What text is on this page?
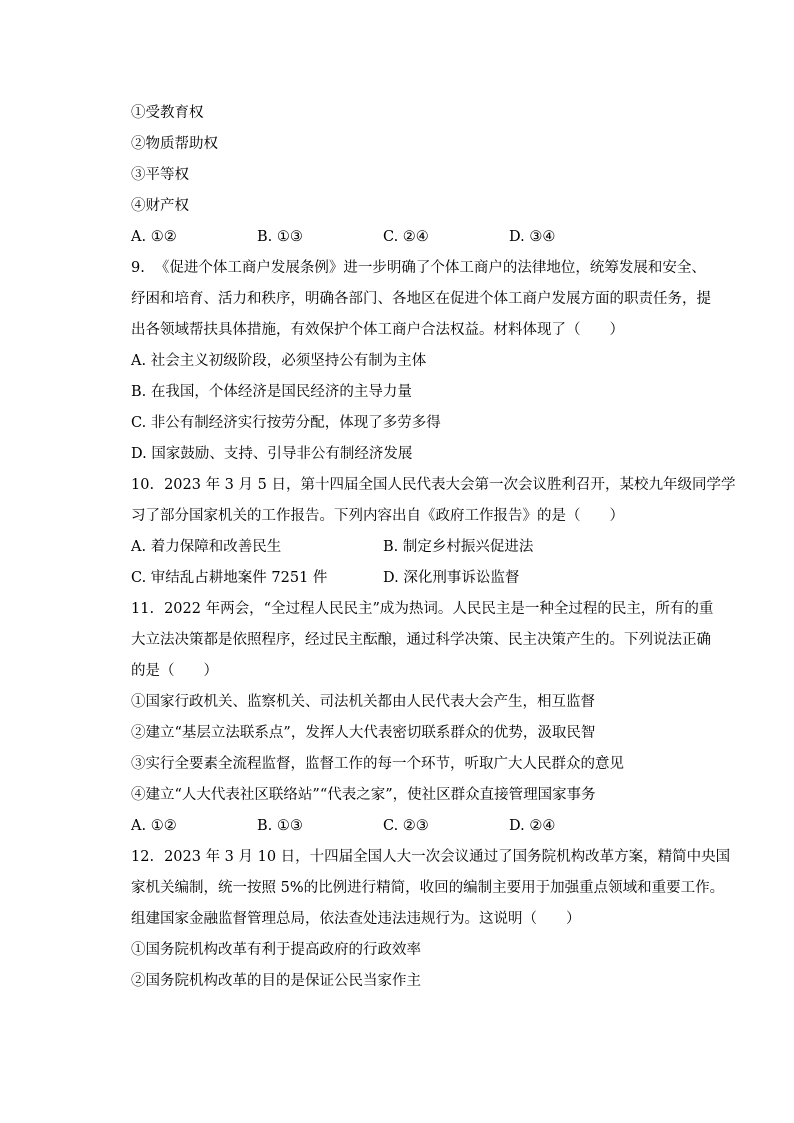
①受教育权
②物质帮助权
③平等权
④财产权
A. ①②	B. ①③	C. ②④	D. ③④
9. 《促进个体工商户发展条例》进一步明确了个体工商户的法律地位，统筹发展和安全、
纾困和培育、活力和秩序，明确各部门、各地区在促进个体工商户发展方面的职责任务，提
出各领域帮扶具体措施，有效保护个体工商户合法权益。材料体现了（　　）
A. 社会主义初级阶段，必须坚持公有制为主体
B. 在我国，个体经济是国民经济的主导力量
C. 非公有制经济实行按劳分配，体现了多劳多得
D. 国家鼓励、支持、引导非公有制经济发展
10. 2023 年 3 月 5 日，第十四届全国人民代表大会第一次会议胜利召开，某校九年级同学学
习了部分国家机关的工作报告。下列内容出自《政府工作报告》的是（　　）
A. 着力保障和改善民生	B. 制定乡村振兴促进法
C. 审结乱占耕地案件 7251 件	D. 深化刑事诉讼监督
11. 2022 年两会，“全过程人民民主”成为热词。人民民主是一种全过程的民主，所有的重
大立法决策都是依照程序，经过民主酝酿，通过科学决策、民主决策产生的。下列说法正确
的是（　　）
①国家行政机关、监察机关、司法机关都由人民代表大会产生，相互监督
②建立“基层立法联系点”，发挥人大代表密切联系群众的优势，汲取民智
③实行全要素全流程监督，监督工作的每一个环节，听取广大人民群众的意见
④建立“人大代表社区联络站”“代表之家”，使社区群众直接管理国家事务
A. ①②	B. ①③	C. ②③	D. ②④
12. 2023 年 3 月 10 日，十四届全国人大一次会议通过了国务院机构改革方案，精简中央国
家机关编制，统一按照 5%的比例进行精简，收回的编制主要用于加强重点领域和重要工作。
组建国家金融监督管理总局，依法查处违法违规行为。这说明（　　）
①国务院机构改革有利于提高政府的行政效率
②国务院机构改革的目的是保证公民当家作主
